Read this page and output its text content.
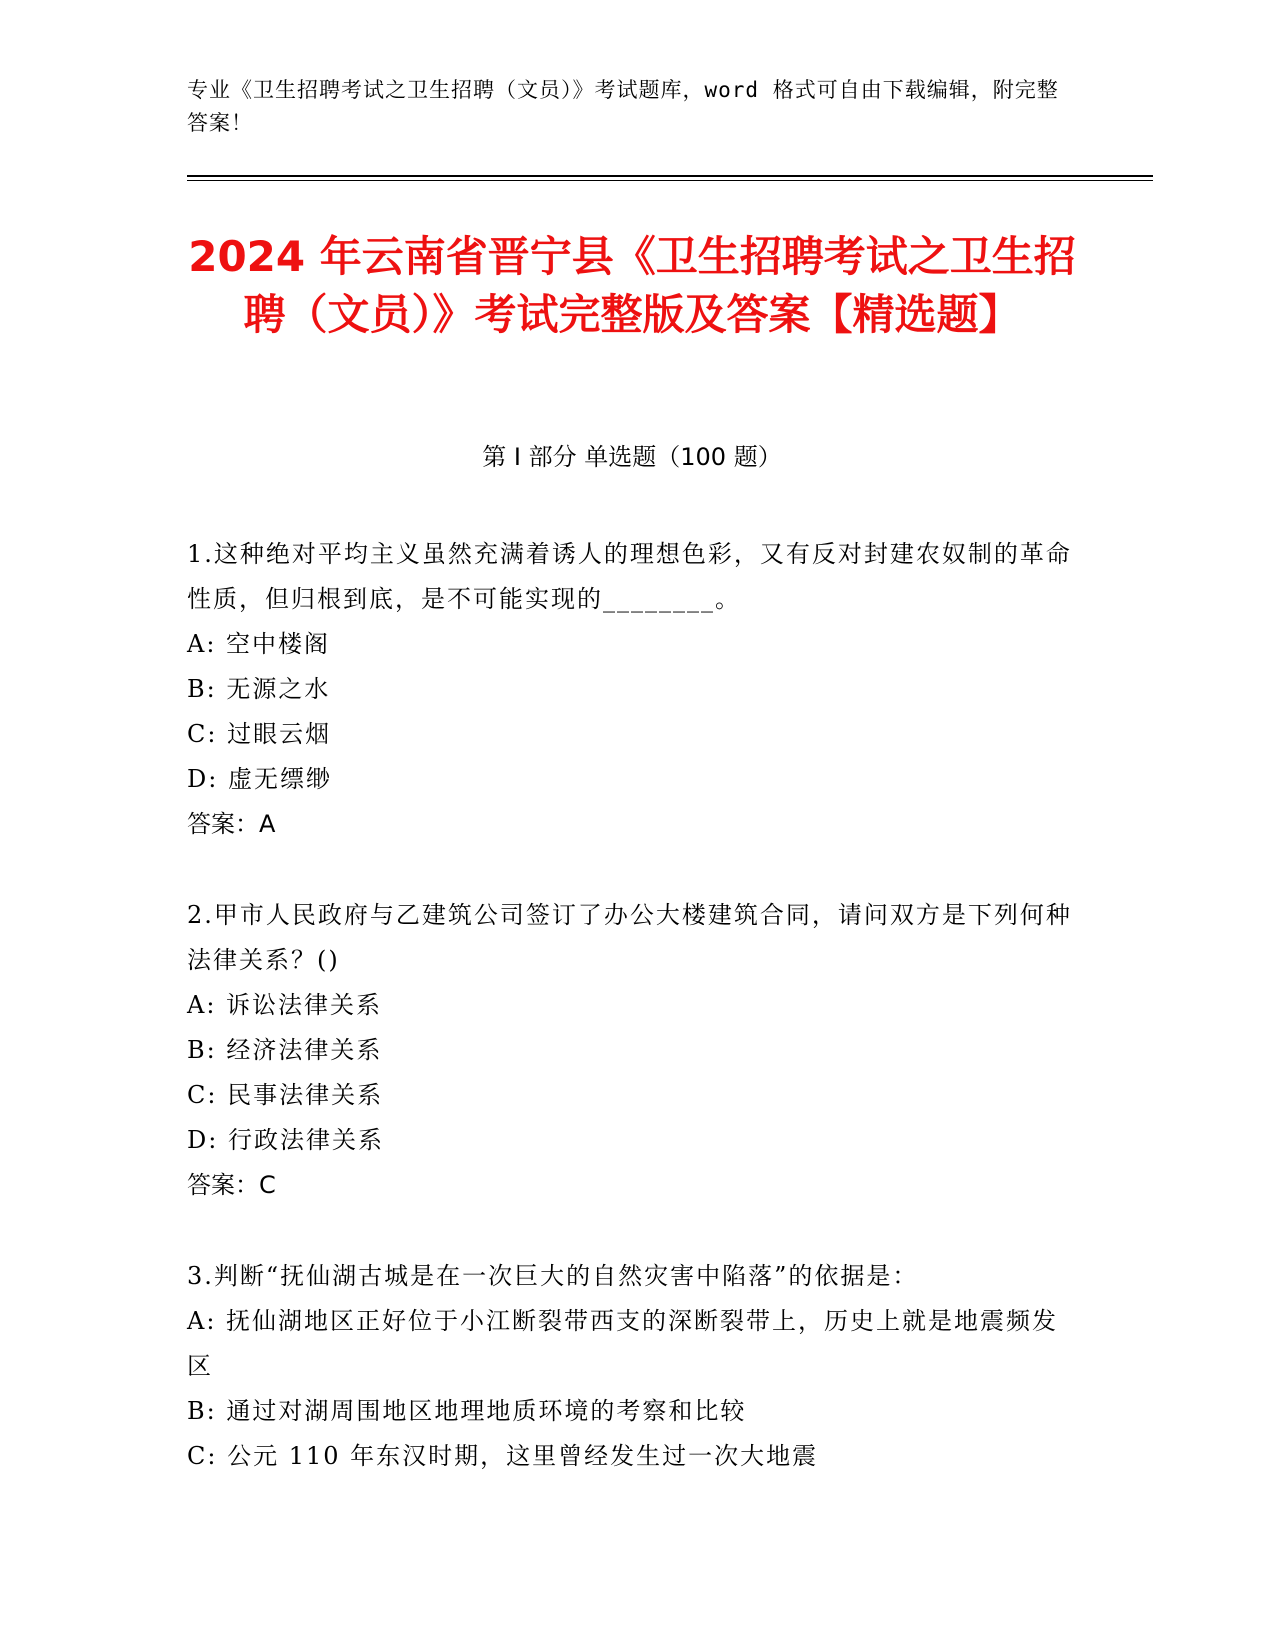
专业《卫生招聘考试之卫生招聘（文员）》考试题库，word 格式可自由下载编辑，附完整答案！
2024 年云南省晋宁县《卫生招聘考试之卫生招聘（文员）》考试完整版及答案【精选题】
第 I 部分 单选题（100 题）
1.这种绝对平均主义虽然充满着诱人的理想色彩，又有反对封建农奴制的革命性质，但归根到底，是不可能实现的________。
A: 空中楼阁
B: 无源之水
C: 过眼云烟
D: 虚无缥缈
答案：A
2.甲市人民政府与乙建筑公司签订了办公大楼建筑合同，请问双方是下列何种法律关系？()
A: 诉讼法律关系
B: 经济法律关系
C: 民事法律关系
D: 行政法律关系
答案：C
3.判断“抚仙湖古城是在一次巨大的自然灾害中陷落”的依据是：
A: 抚仙湖地区正好位于小江断裂带西支的深断裂带上，历史上就是地震频发区
B: 通过对湖周围地区地理地质环境的考察和比较
C: 公元 110 年东汉时期，这里曾经发生过一次大地震
